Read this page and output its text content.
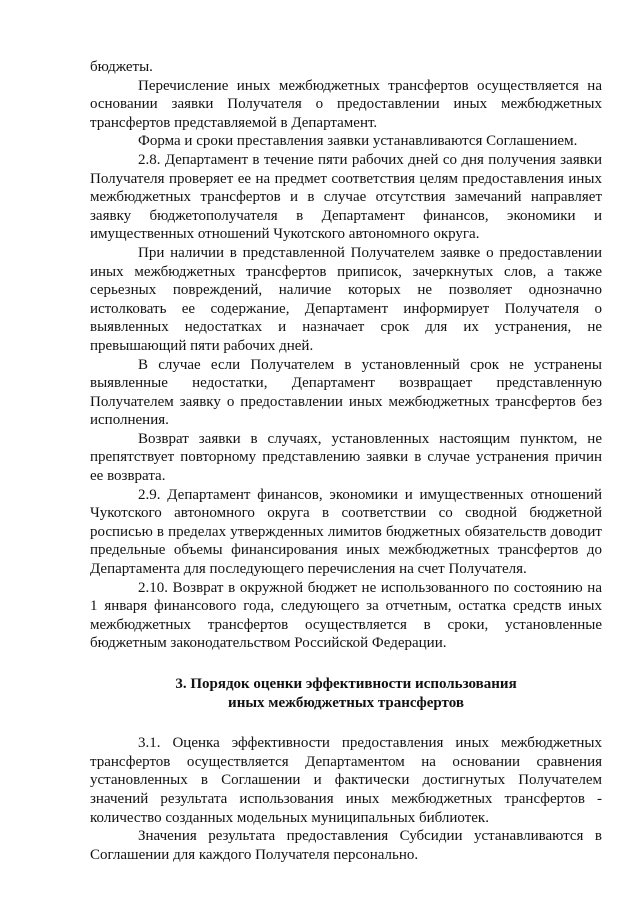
бюджеты.

Перечисление иных межбюджетных трансфертов осуществляется на основании заявки Получателя о предоставлении иных межбюджетных трансфертов представляемой в Департамент.

Форма и сроки преставления заявки устанавливаются Соглашением.

2.8. Департамент в течение пяти рабочих дней со дня получения заявки Получателя проверяет ее на предмет соответствия целям предоставления иных межбюджетных трансфертов и в случае отсутствия замечаний направляет заявку бюджетополучателя в Департамент финансов, экономики и имущественных отношений Чукотского автономного округа.

При наличии в представленной Получателем заявке о предоставлении иных межбюджетных трансфертов приписок, зачеркнутых слов, а также серьезных повреждений, наличие которых не позволяет однозначно истолковать ее содержание, Департамент информирует Получателя о выявленных недостатках и назначает срок для их устранения, не превышающий пяти рабочих дней.

В случае если Получателем в установленный срок не устранены выявленные недостатки, Департамент возвращает представленную Получателем заявку о предоставлении иных межбюджетных трансфертов без исполнения.

Возврат заявки в случаях, установленных настоящим пунктом, не препятствует повторному представлению заявки в случае устранения причин ее возврата.

2.9. Департамент финансов, экономики и имущественных отношений Чукотского автономного округа в соответствии со сводной бюджетной росписью в пределах утвержденных лимитов бюджетных обязательств доводит предельные объемы финансирования иных межбюджетных трансфертов до Департамента для последующего перечисления на счет Получателя.

2.10. Возврат в окружной бюджет не использованного по состоянию на 1 января финансового года, следующего за отчетным, остатка средств иных межбюджетных трансфертов осуществляется в сроки, установленные бюджетным законодательством Российской Федерации.

3. Порядок оценки эффективности использования
иных межбюджетных трансфертов

3.1. Оценка эффективности предоставления иных межбюджетных трансфертов осуществляется Департаментом на основании сравнения установленных в Соглашении и фактически достигнутых Получателем значений результата использования иных межбюджетных трансфертов - количество созданных модельных муниципальных библиотек.

Значения результата предоставления Субсидии устанавливаются в Соглашении для каждого Получателя персонально.
